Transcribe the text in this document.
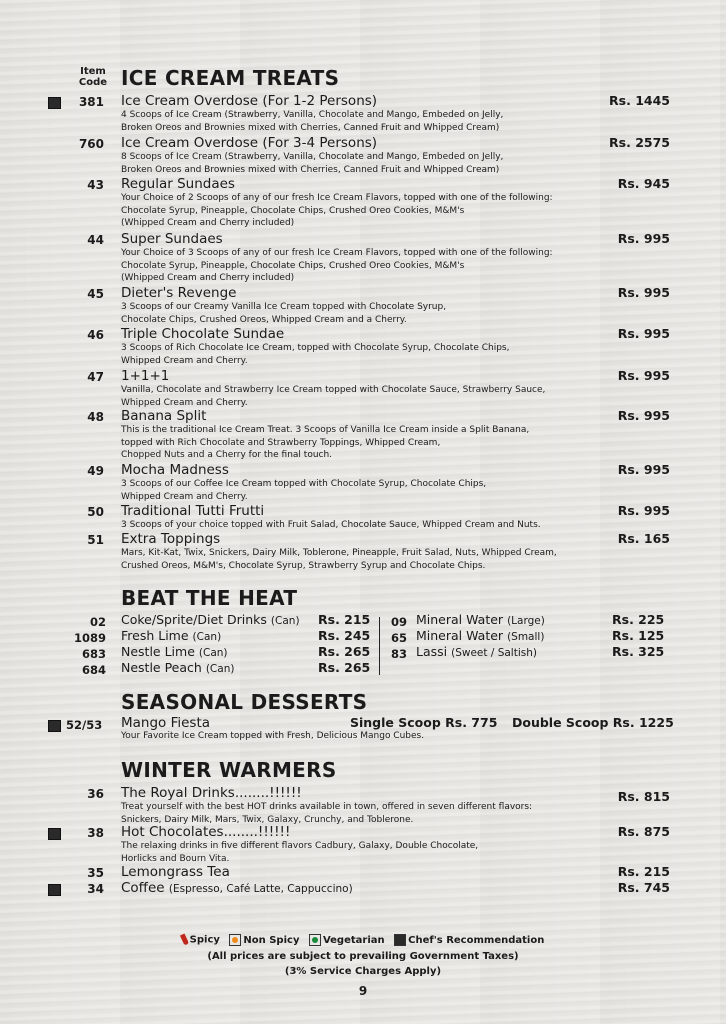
Item
Code ICE CREAM TREATS
381 Ice Cream Overdose (For 1-2 Persons)	Rs. 1445
4 Scoops of Ice Cream (Strawberry, Vanilla, Chocolate and Mango, Embeded on Jelly,
Broken Oreos and Brownies mixed with Cherries, Canned Fruit and Whipped Cream)
760 Ice Cream Overdose (For 3-4 Persons)	Rs. 2575
8 Scoops of Ice Cream (Strawberry, Vanilla, Chocolate and Mango, Embeded on Jelly,
Broken Oreos and Brownies mixed with Cherries, Canned Fruit and Whipped Cream)
43 Regular Sundaes	Rs. 945
Your Choice of 2 Scoops of any of our fresh Ice Cream Flavors, topped with one of the following:
Chocolate Syrup, Pineapple, Chocolate Chips, Crushed Oreo Cookies, M&M's
(Whipped Cream and Cherry included)
44 Super Sundaes	Rs. 995
Your Choice of 3 Scoops of any of our fresh Ice Cream Flavors, topped with one of the following:
Chocolate Syrup, Pineapple, Chocolate Chips, Crushed Oreo Cookies, M&M's
(Whipped Cream and Cherry included)
45 Dieter's Revenge	Rs. 995
3 Scoops of our Creamy Vanilla Ice Cream topped with Chocolate Syrup,
Chocolate Chips, Crushed Oreos, Whipped Cream and a Cherry.
46 Triple Chocolate Sundae	Rs. 995
3 Scoops of Rich Chocolate Ice Cream, topped with Chocolate Syrup, Chocolate Chips,
Whipped Cream and Cherry.
47 1+1+1	Rs. 995
Vanilla, Chocolate and Strawberry Ice Cream topped with Chocolate Sauce, Strawberry Sauce,
Whipped Cream and Cherry.
48 Banana Split	Rs. 995
This is the traditional Ice Cream Treat. 3 Scoops of Vanilla Ice Cream inside a Split Banana,
topped with Rich Chocolate and Strawberry Toppings, Whipped Cream,
Chopped Nuts and a Cherry for the final touch.
49 Mocha Madness	Rs. 995
3 Scoops of our Coffee Ice Cream topped with Chocolate Syrup, Chocolate Chips,
Whipped Cream and Cherry.
50 Traditional Tutti Frutti	Rs. 995
3 Scoops of your choice topped with Fruit Salad, Chocolate Sauce, Whipped Cream and Nuts.
51 Extra Toppings	Rs. 165
Mars, Kit-Kat, Twix, Snickers, Dairy Milk, Toblerone, Pineapple, Fruit Salad, Nuts, Whipped Cream,
Crushed Oreos, M&M's, Chocolate Syrup, Strawberry Syrup and Chocolate Chips.
BEAT THE HEAT
02 Coke/Sprite/Diet Drinks (Can) Rs. 215
1089 Fresh Lime (Can)	Rs. 245
683 Nestle Lime (Can)	Rs. 265
684 Nestle Peach (Can)	Rs. 265
09 Mineral Water (Large)	Rs. 225
65 Mineral Water (Small)	Rs. 125
83 Lassi (Sweet / Saltish)	Rs. 325
SEASONAL DESSERTS
52/53 Mango Fiesta	Single Scoop Rs. 775 Double Scoop Rs. 1225
Your Favorite Ice Cream topped with Fresh, Delicious Mango Cubes.
WINTER WARMERS
36 The Royal Drinks........!!!!!!	Rs. 815
Treat yourself with the best HOT drinks available in town, offered in seven different flavors:
Snickers, Dairy Milk, Mars, Twix, Galaxy, Crunchy, and Toblerone.
38 Hot Chocolates........!!!!!!	Rs. 875
The relaxing drinks in five different flavors Cadbury, Galaxy, Double Chocolate,
Horlicks and Bourn Vita.
35 Lemongrass Tea	Rs. 215
34 Coffee (Espresso, Café Latte, Cappuccino)	Rs. 745
Spicy Non Spicy Vegetarian Chef's Recommendation
(All prices are subject to prevailing Government Taxes)
(3% Service Charges Apply)
9
